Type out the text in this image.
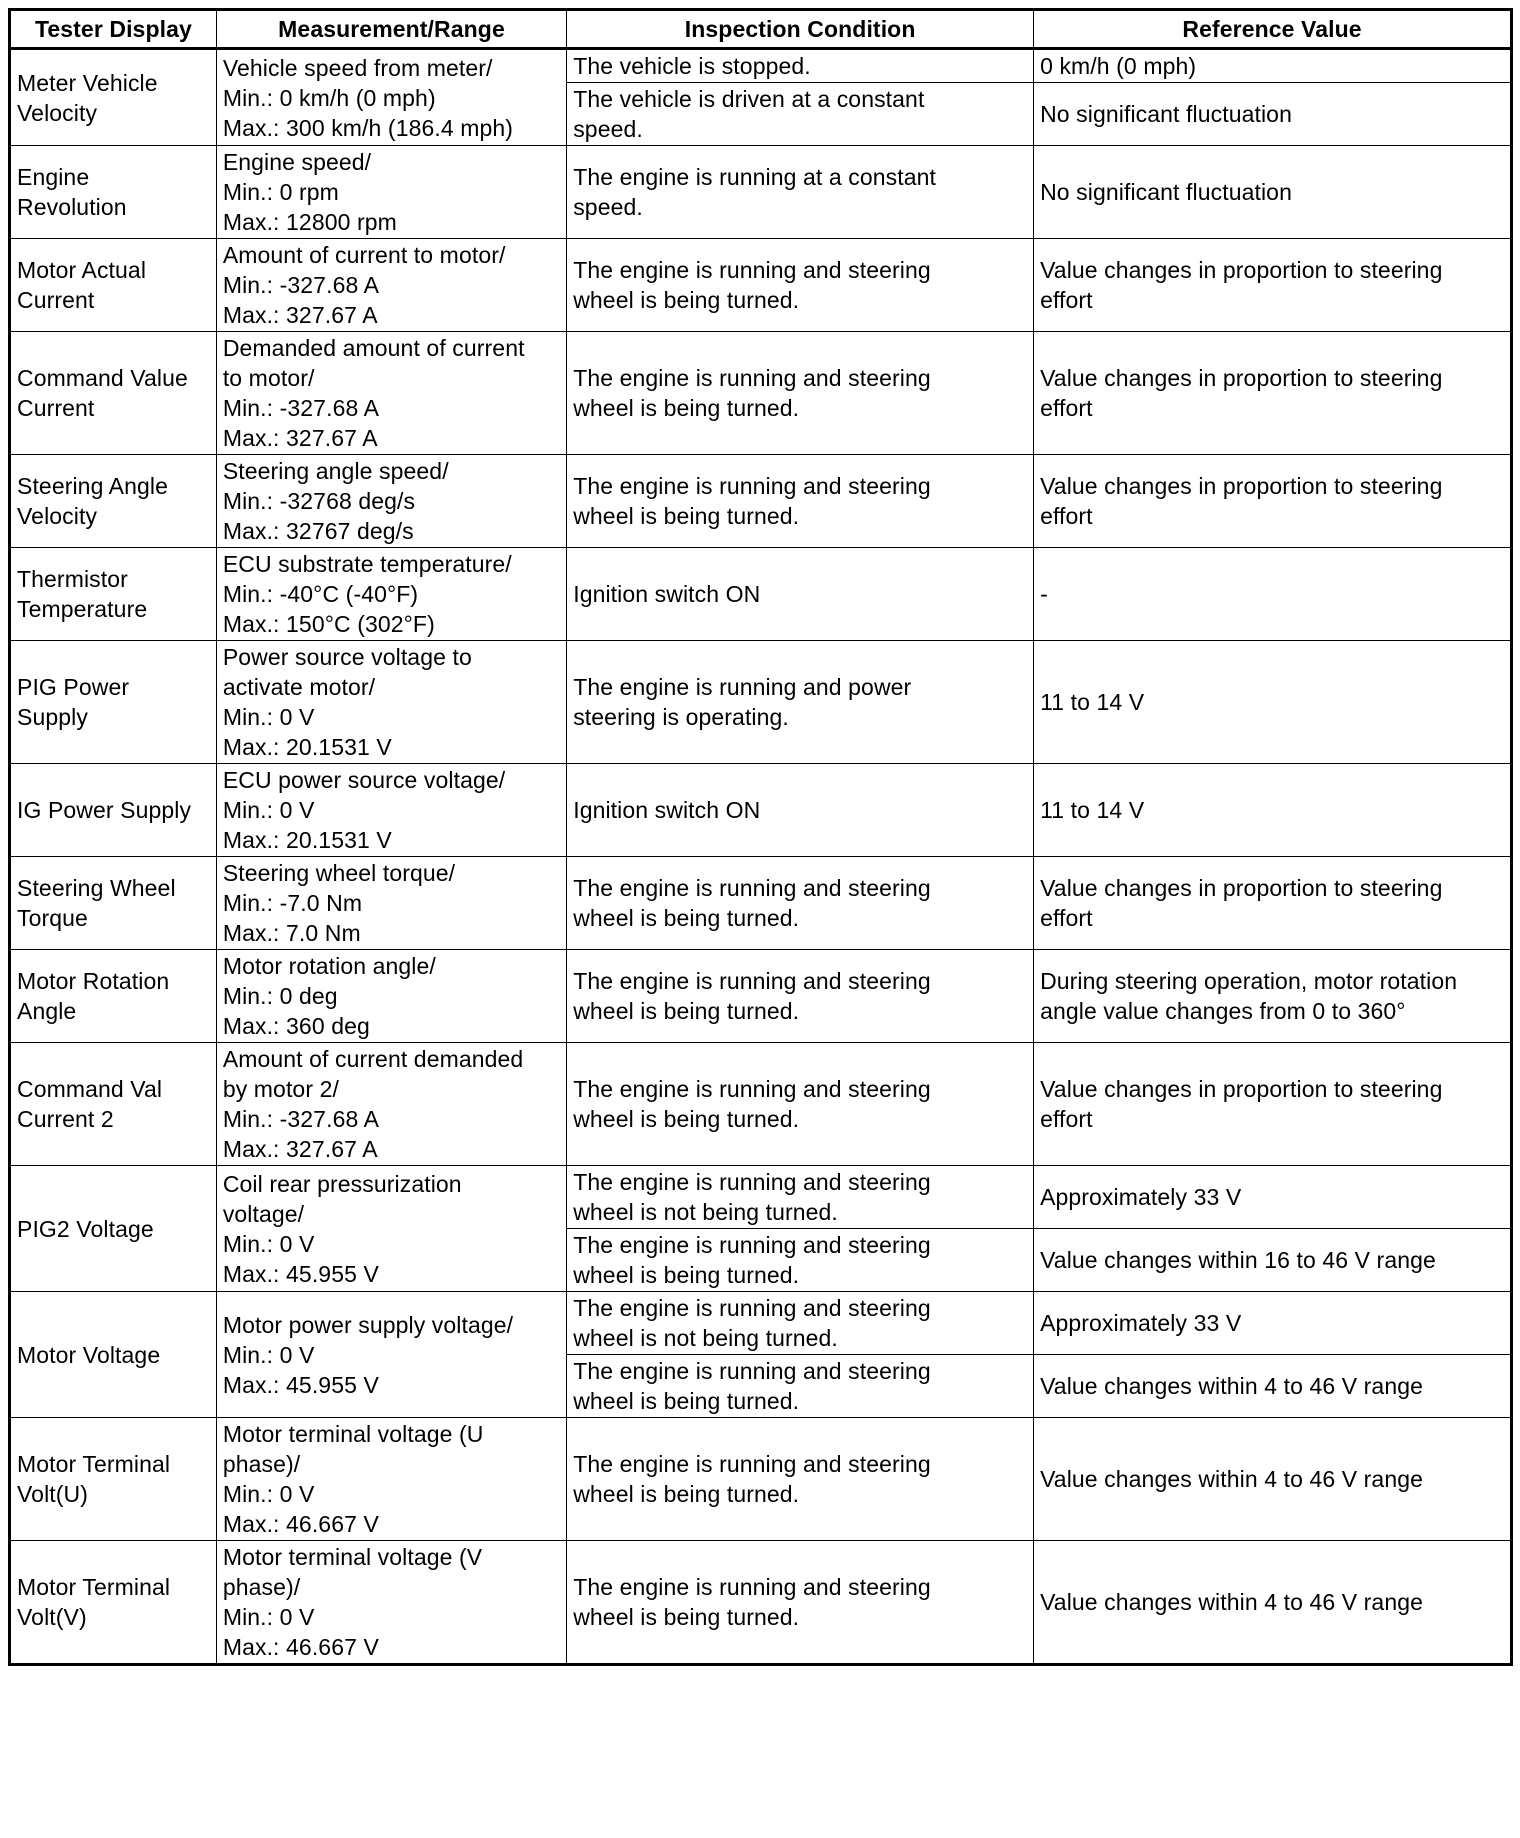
Tester Display	Measurement/Range	Inspection Condition	Reference Value
Meter Vehicle
Velocity	Vehicle speed from meter/
Min.: 0 km/h (0 mph)
Max.: 300 km/h (186.4 mph)	The vehicle is stopped.	0 km/h (0 mph)
		The vehicle is driven at a constant
speed.	No significant fluctuation
Engine
Revolution	Engine speed/
Min.: 0 rpm
Max.: 12800 rpm	The engine is running at a constant
speed.	No significant fluctuation
Motor Actual
Current	Amount of current to motor/
Min.: -327.68 A
Max.: 327.67 A	The engine is running and steering
wheel is being turned.	Value changes in proportion to steering
effort
Command Value
Current	Demanded amount of current
to motor/
Min.: -327.68 A
Max.: 327.67 A	The engine is running and steering
wheel is being turned.	Value changes in proportion to steering
effort
Steering Angle
Velocity	Steering angle speed/
Min.: -32768 deg/s
Max.: 32767 deg/s	The engine is running and steering
wheel is being turned.	Value changes in proportion to steering
effort
Thermistor
Temperature	ECU substrate temperature/
Min.: -40°C (-40°F)
Max.: 150°C (302°F)	Ignition switch ON	-
PIG Power
Supply	Power source voltage to
activate motor/
Min.: 0 V
Max.: 20.1531 V	The engine is running and power
steering is operating.	11 to 14 V
IG Power Supply	ECU power source voltage/
Min.: 0 V
Max.: 20.1531 V	Ignition switch ON	11 to 14 V
Steering Wheel
Torque	Steering wheel torque/
Min.: -7.0 Nm
Max.: 7.0 Nm	The engine is running and steering
wheel is being turned.	Value changes in proportion to steering
effort
Motor Rotation
Angle	Motor rotation angle/
Min.: 0 deg
Max.: 360 deg	The engine is running and steering
wheel is being turned.	During steering operation, motor rotation
angle value changes from 0 to 360°
Command Val
Current 2	Amount of current demanded
by motor 2/
Min.: -327.68 A
Max.: 327.67 A	The engine is running and steering
wheel is being turned.	Value changes in proportion to steering
effort
PIG2 Voltage	Coil rear pressurization
voltage/
Min.: 0 V
Max.: 45.955 V	The engine is running and steering
wheel is not being turned.	Approximately 33 V
		The engine is running and steering
wheel is being turned.	Value changes within 16 to 46 V range
Motor Voltage	Motor power supply voltage/
Min.: 0 V
Max.: 45.955 V	The engine is running and steering
wheel is not being turned.	Approximately 33 V
		The engine is running and steering
wheel is being turned.	Value changes within 4 to 46 V range
Motor Terminal
Volt(U)	Motor terminal voltage (U
phase)/
Min.: 0 V
Max.: 46.667 V	The engine is running and steering
wheel is being turned.	Value changes within 4 to 46 V range
Motor Terminal
Volt(V)	Motor terminal voltage (V
phase)/
Min.: 0 V
Max.: 46.667 V	The engine is running and steering
wheel is being turned.	Value changes within 4 to 46 V range
